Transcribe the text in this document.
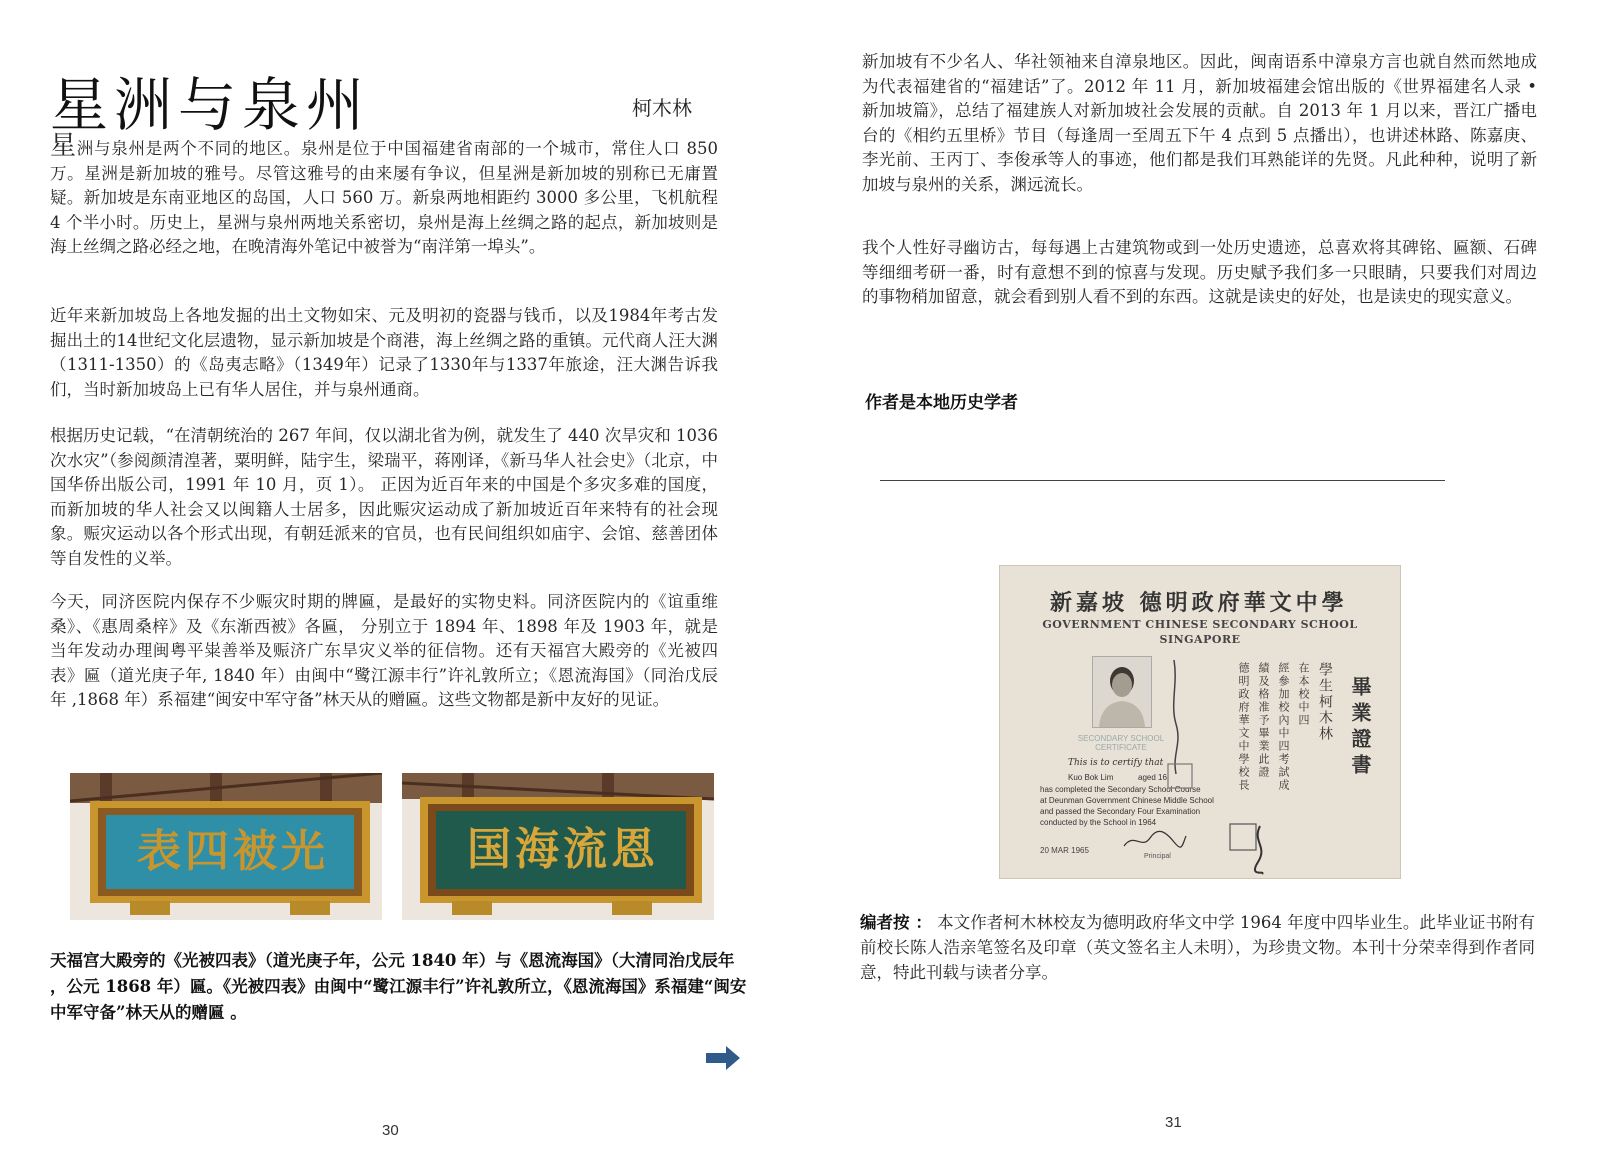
星洲与泉州	柯木林

星洲与泉州是两个不同的地区。泉州是位于中国福建省南部的一个城市，常住人口 850 万。星洲是新加坡的雅号。尽管这雅号的由来屡有争议，但星洲是新加坡的别称已无庸置疑。新加坡是东南亚地区的岛国，人口 560 万。新泉两地相距约 3000 多公里，飞机航程 4 个半小时。历史上，星洲与泉州两地关系密切，泉州是海上丝绸之路的起点，新加坡则是海上丝绸之路必经之地，在晚清海外笔记中被誉为“南洋第一埠头”。

近年来新加坡岛上各地发掘的出土文物如宋、元及明初的瓷器与钱币，以及1984年考古发掘出土的14世纪文化层遗物，显示新加坡是个商港，海上丝绸之路的重镇。元代商人汪大渊（1311-1350）的《岛夷志略》（1349年）记录了1330年与1337年旅途，汪大渊告诉我们，当时新加坡岛上已有华人居住，并与泉州通商。

根据历史记载，“在清朝统治的 267 年间，仅以湖北省为例，就发生了 440 次旱灾和 1036 次水灾”（参阅颜清湟著，粟明鲜，陆宇生，梁瑞平，蒋刚译，《新马华人社会史》（北京，中国华侨出版公司，1991 年 10 月，页 1）。 正因为近百年来的中国是个多灾多难的国度，而新加坡的华人社会又以闽籍人士居多，因此赈灾运动成了新加坡近百年来特有的社会现象。赈灾运动以各个形式出现，有朝廷派来的官员，也有民间组织如庙宇、会馆、慈善团体等自发性的义举。

今天，同济医院内保存不少赈灾时期的牌匾，是最好的实物史料。同济医院内的《谊重维桑》、《惠周桑梓》及《东渐西被》各匾， 分别立于 1894 年、1898 年及 1903 年，就是当年发动办理闽粤平粜善举及赈济广东旱灾义举的征信物。还有天福宫大殿旁的《光被四表》匾（道光庚子年, 1840 年）由闽中“鹭江源丰行”许礼敦所立；《恩流海国》（同治戊辰年 ,1868 年）系福建“闽安中军守备”林天从的赠匾。这些文物都是新中友好的见证。

表四被光	国海流恩

天福宫大殿旁的《光被四表》（道光庚子年，公元 1840 年）与《恩流海国》（大清同治戊辰年 ，公元 1868 年）匾。《光被四表》由闽中“鹭江源丰行”许礼敦所立，《恩流海国》系福建“闽安中军守备”林天从的赠匾 。

30

新加坡有不少名人、华社领袖来自漳泉地区。因此，闽南语系中漳泉方言也就自然而然地成为代表福建省的“福建话”了。2012 年 11 月，新加坡福建会馆出版的《世界福建名人录 • 新加坡篇》，总结了福建族人对新加坡社会发展的贡献。自 2013 年 1 月以来，晋江广播电台的《相约五里桥》节目（每逢周一至周五下午 4 点到 5 点播出），也讲述林路、陈嘉庚、李光前、王丙丁、李俊承等人的事迹，他们都是我们耳熟能详的先贤。凡此种种，说明了新加坡与泉州的关系，渊远流长。

我个人性好寻幽访古，每每遇上古建筑物或到一处历史遗迹，总喜欢将其碑铭、匾额、石碑等细细考研一番，时有意想不到的惊喜与发现。历史赋予我们多一只眼睛，只要我们对周边的事物稍加留意，就会看到别人看不到的东西。这就是读史的好处，也是读史的现实意义。

作者是本地历史学者
新嘉坡 德明政府華文中學
GOVERNMENT CHINESE SECONDARY SCHOOL
SINGAPORE
SECONDARY SCHOOL CERTIFICATE
This is to certify that
Kuo Bok Lim	aged 16
has completed the Secondary School Course
at Deunman Government Chinese Middle School
and passed the Secondary Four Examination
conducted by the School in 1964
20 MAR 1965
Principal
德明政府華文中學校長 績及格准予畢業此證 經參加校內中四考試成 在本校中四 學生柯木林 畢業證書

编者按 ： 本文作者柯木林校友为德明政府华文中学 1964 年度中四毕业生。此毕业证书附有前校长陈人浩亲笔签名及印章（英文签名主人未明），为珍贵文物。本刊十分荣幸得到作者同意，特此刊载与读者分享。

31
